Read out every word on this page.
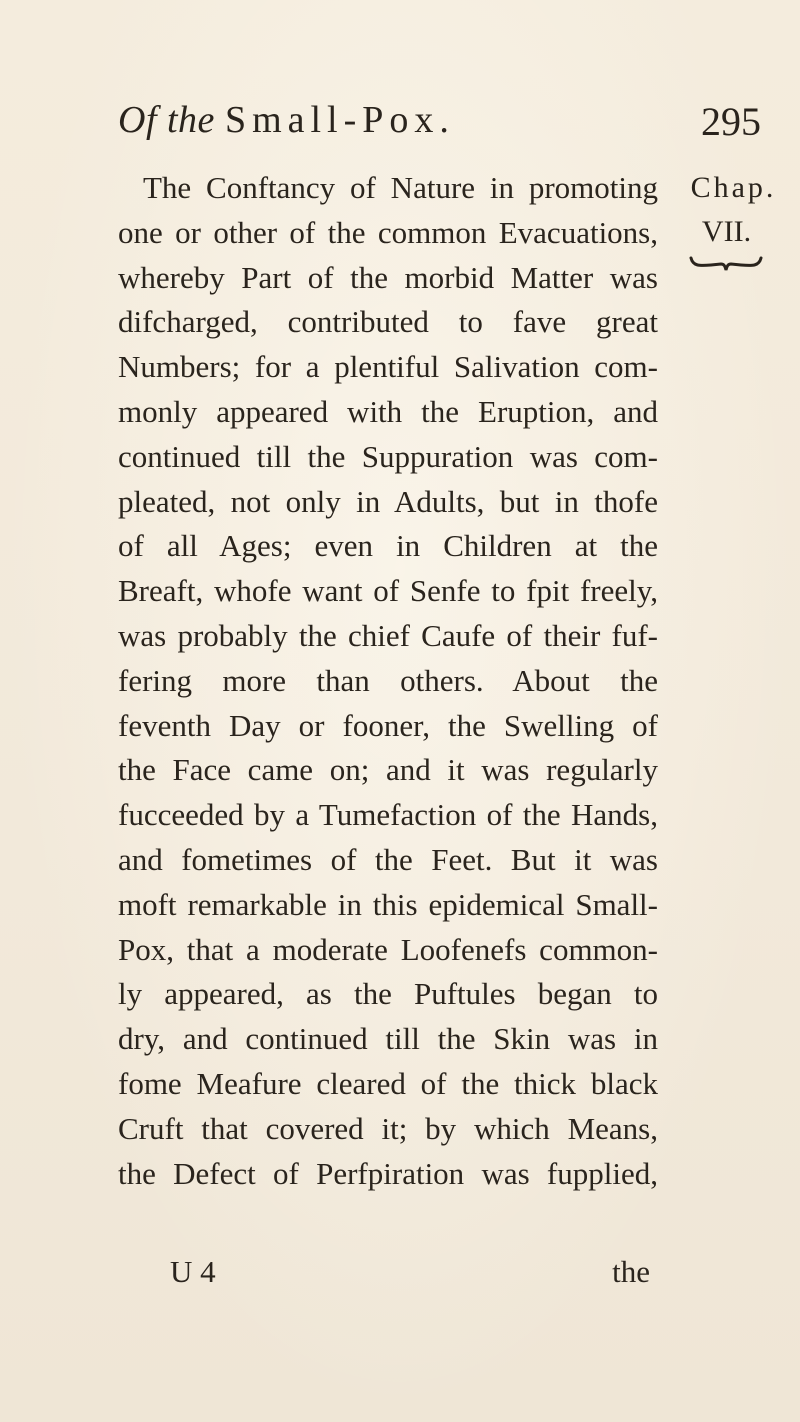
Of the Small-Pox.	295
Chap.
VII.
The Conftancy of Nature in promoting
one or other of the common Evacuations,
whereby Part of the morbid Matter was
difcharged, contributed to fave great
Numbers; for a plentiful Salivation com-
monly appeared with the Eruption, and
continued till the Suppuration was com-
pleated, not only in Adults, but in thofe
of all Ages; even in Children at the
Breaft, whofe want of Senfe to fpit freely,
was probably the chief Caufe of their fuf-
fering more than others. About the
feventh Day or fooner, the Swelling of
the Face came on; and it was regularly
fucceeded by a Tumefaction of the Hands,
and fometimes of the Feet. But it was
moft remarkable in this epidemical Small-
Pox, that a moderate Loofenefs common-
ly appeared, as the Puftules began to
dry, and continued till the Skin was in
fome Meafure cleared of the thick black
Cruft that covered it; by which Means,
the Defect of Perfpiration was fupplied,
U 4	the
